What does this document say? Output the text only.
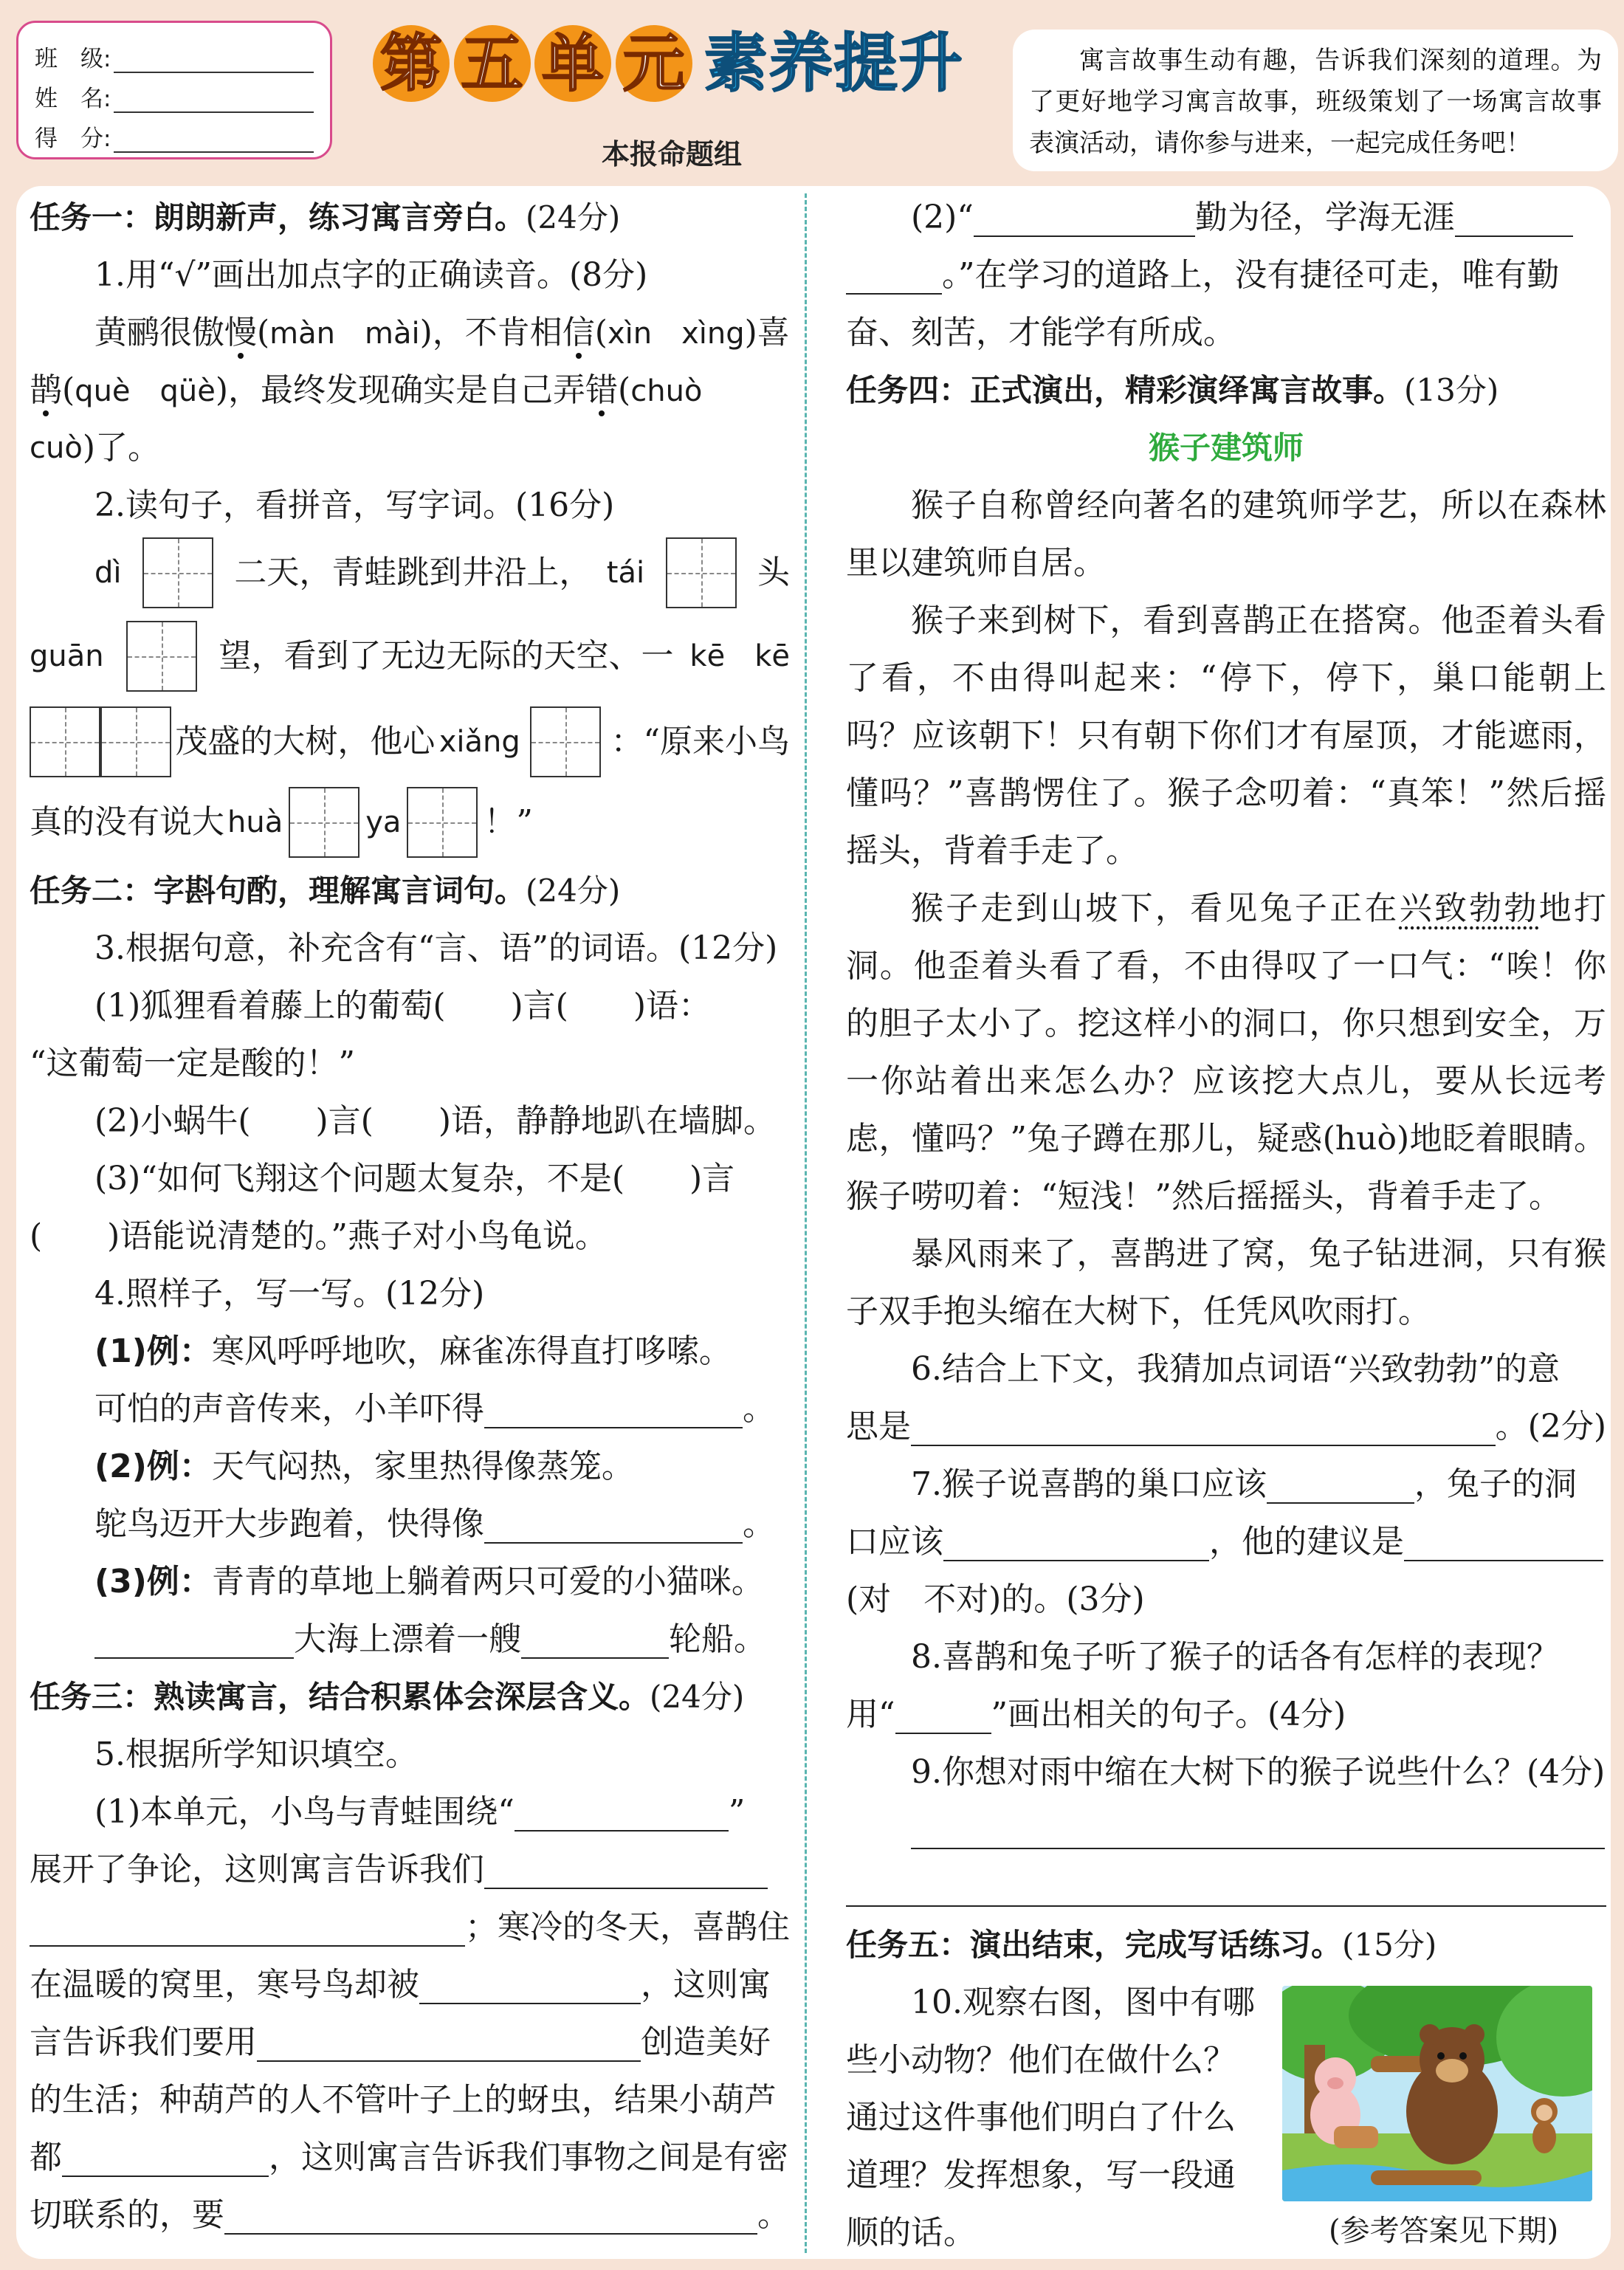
班　级:
姓　名:
得　分:
第 五 单 元 素养提升
本报命题组
寓言故事生动有趣，告诉我们深刻的道理。为了更好地学习寓言故事，班级策划了一场寓言故事表演活动，请你参与进来，一起完成任务吧！
任务一：朗朗新声，练习寓言旁白。 (24分)
1.用“√”画出加点字的正确读音。(8分)
黄鹂很傲慢(màn　mài)，不肯相信(xìn　xìng)喜
鹊(què　qüè)，最终发现确实是自己弄错(chuò
cuò )了。
2.读句子，看拼音，写字词。(16分)
dì	二天，青蛙跳到井沿上， tái	头
guān	望，看到了无边无际的天空、一 kē　kē
茂盛的大树，他心 xiǎng	：“原来小鸟
真的没有说大 huà	ya	！”
任务二：字斟句酌，理解寓言词句。 (24分)
3.根据句意，补充含有“言、语”的词语。(12分)
(1)狐狸看着藤上的葡萄(　　)言(　　)语：
“这葡萄一定是酸的！”
(2)小蜗牛(　　)言(　　)语，静静地趴在墙脚。
(3)“如何飞翔这个问题太复杂，不是(　　)言
(　　)语能说清楚的。”燕子对小鸟龟说。
4.照样子，写一写。(12分)
(1)例： 寒风呼呼地吹，麻雀冻得直打哆嗦。
可怕的声音传来，小羊吓得	。
(2)例： 天气闷热，家里热得像蒸笼。
鸵鸟迈开大步跑着，快得像	。
(3)例： 青青的草地上躺着两只可爱的小猫咪。
大海上漂着一艘	轮船。
任务三：熟读寓言，结合积累体会深层含义。 (24分)
5.根据所学知识填空。
(1)本单元，小鸟与青蛙围绕“	”
展开了争论，这则寓言告诉我们
；寒冷的冬天，喜鹊住
在温暖的窝里，寒号鸟却被	，这则寓
言告诉我们要用	创造美好
的生活；种葫芦的人不管叶子上的蚜虫，结果小葫芦
都	，这则寓言告诉我们事物之间是有密
切联系的，要	。
(2)“	勤为径，学海无涯
。”在学习的道路上，没有捷径可走，唯有勤
奋、刻苦，才能学有所成。
任务四：正式演出，精彩演绎寓言故事。 (13分)
猴子建筑师
猴子自称曾经向著名的建筑师学艺，所以在森林里以建筑师自居。
猴子来到树下，看到喜鹊正在搭窝。他歪着头看了看，不由得叫起来：“停下，停下，巢口能朝上吗？应该朝下！只有朝下你们才有屋顶，才能遮雨，懂吗？”喜鹊愣住了。猴子念叨着：“真笨！”然后摇摇头，背着手走了。
猴子走到山坡下，看见兔子正在兴致勃勃地打洞。他歪着头看了看，不由得叹了一口气：“唉！你的胆子太小了。挖这样小的洞口，你只想到安全，万一你站着出来怎么办？应该挖大点儿，要从长远考虑，懂吗？”兔子蹲在那儿，疑惑(huò)地眨着眼睛。猴子唠叨着：“短浅！”然后摇摇头，背着手走了。
暴风雨来了，喜鹊进了窝，兔子钻进洞，只有猴子双手抱头缩在大树下，任凭风吹雨打。
6.结合上下文，我猜加点词语“兴致勃勃”的意
思是	。(2分)
7.猴子说喜鹊的巢口应该	，兔子的洞
口应该	，他的建议是
(对　不对)的。(3分)
8.喜鹊和兔子听了猴子的话各有怎样的表现？
用“	”画出相关的句子。(4分)
9.你想对雨中缩在大树下的猴子说些什么？(4分)
任务五：演出结束，完成写话练习。 (15分)
10.观察右图，图中有哪
些小动物？他们在做什么？
通过这件事他们明白了什么
道理？发挥想象，写一段通
顺的话。	(参考答案见下期)
